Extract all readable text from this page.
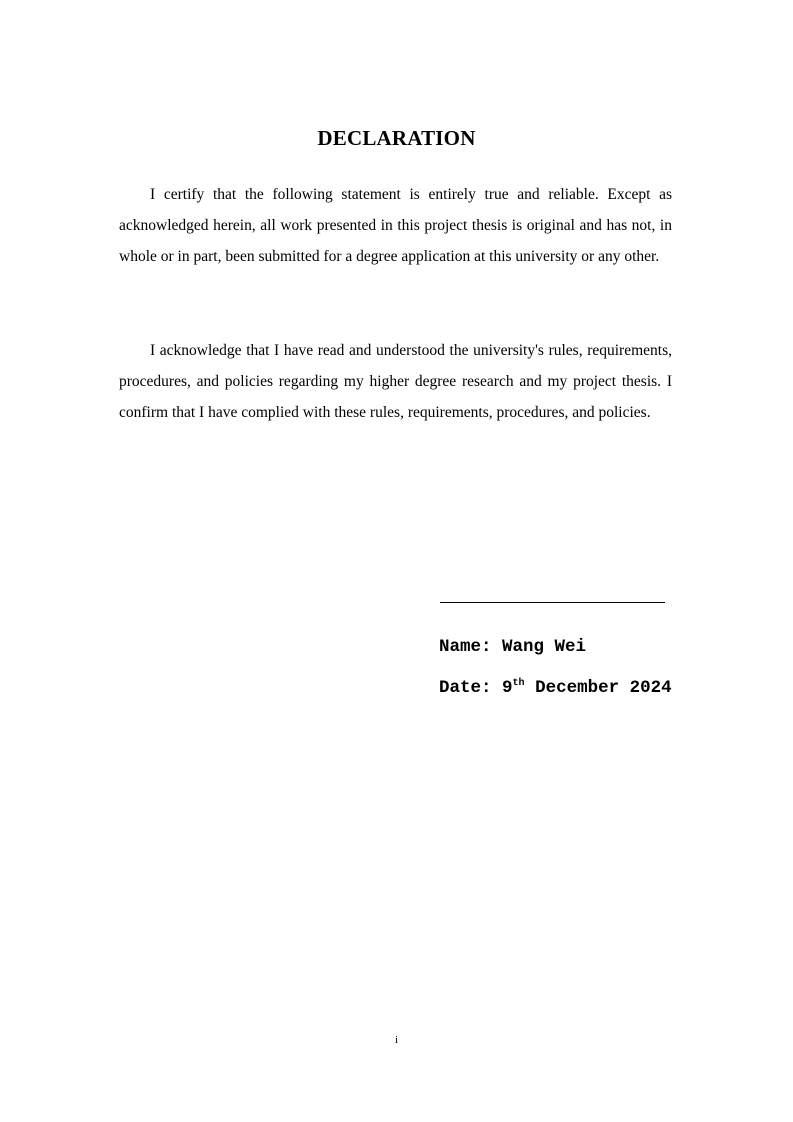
DECLARATION

I certify that the following statement is entirely true and reliable. Except as acknowledged herein, all work presented in this project thesis is original and has not, in whole or in part, been submitted for a degree application at this university or any other.

I acknowledge that I have read and understood the university's rules, requirements, procedures, and policies regarding my higher degree research and my project thesis. I confirm that I have complied with these rules, requirements, procedures, and policies.

Name: Wang Wei
Date: 9th December 2024
i
